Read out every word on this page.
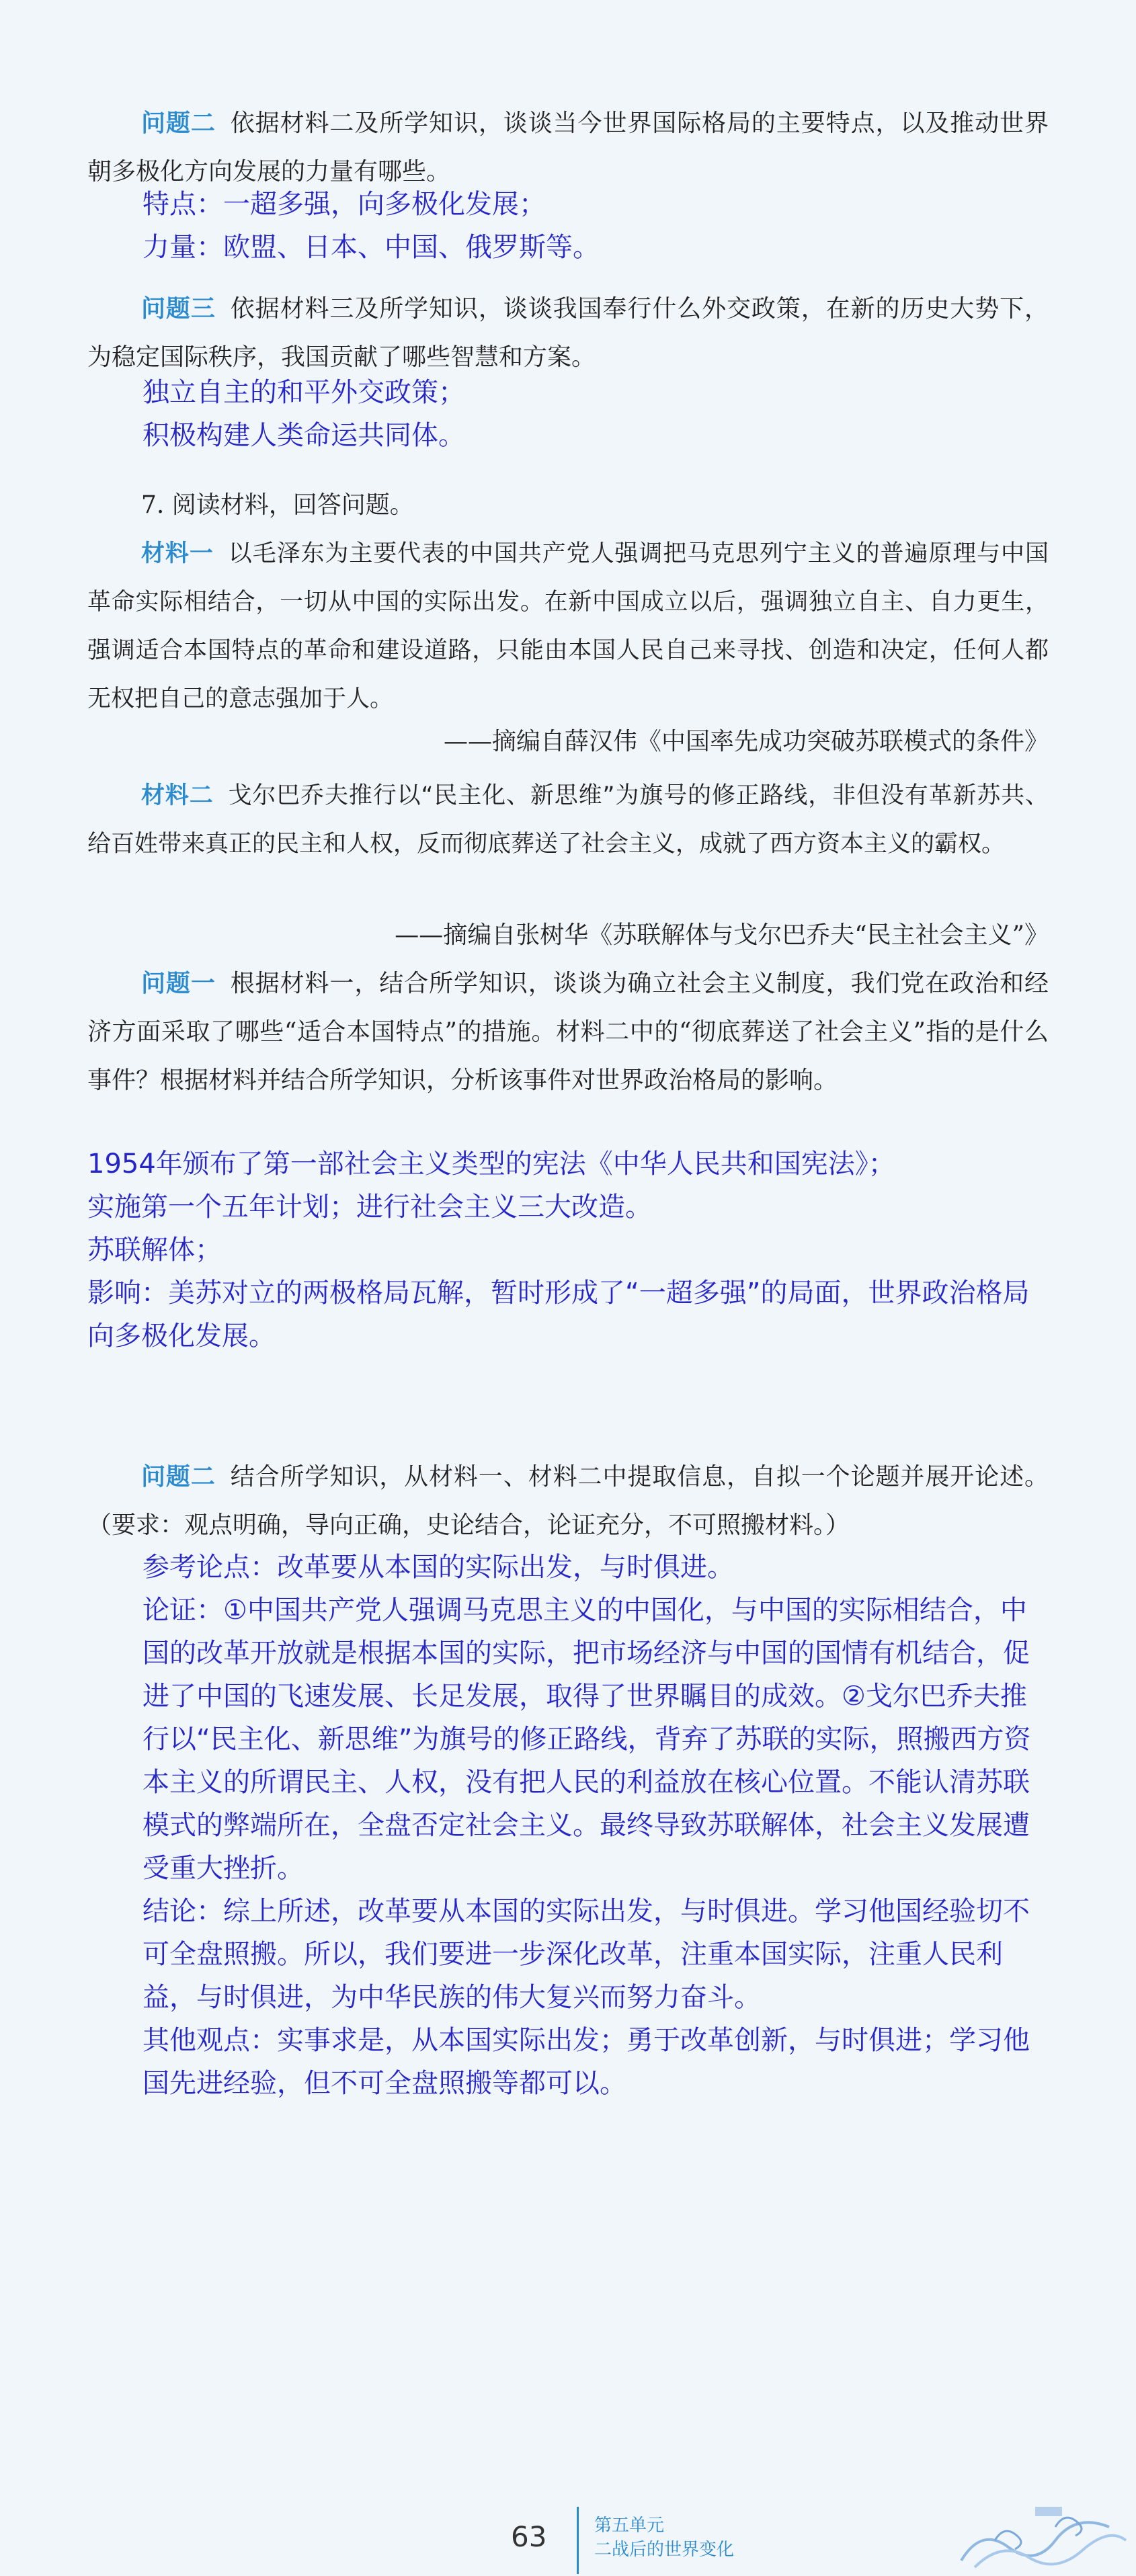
问题二 依据材料二及所学知识，谈谈当今世界国际格局的主要特点，以及推动世界朝多极化方向发展的力量有哪些。
特点：一超多强，向多极化发展；
力量：欧盟、日本、中国、俄罗斯等。
问题三 依据材料三及所学知识，谈谈我国奉行什么外交政策，在新的历史大势下，为稳定国际秩序，我国贡献了哪些智慧和方案。
独立自主的和平外交政策；
积极构建人类命运共同体。
7. 阅读材料，回答问题。
材料一 以毛泽东为主要代表的中国共产党人强调把马克思列宁主义的普遍原理与中国革命实际相结合，一切从中国的实际出发。在新中国成立以后，强调独立自主、自力更生，强调适合本国特点的革命和建设道路，只能由本国人民自己来寻找、创造和决定，任何人都无权把自己的意志强加于人。
——摘编自薛汉伟《中国率先成功突破苏联模式的条件》
材料二 戈尔巴乔夫推行以“民主化、新思维”为旗号的修正路线，非但没有革新苏共、给百姓带来真正的民主和人权，反而彻底葬送了社会主义，成就了西方资本主义的霸权。
——摘编自张树华《苏联解体与戈尔巴乔夫“民主社会主义”》
问题一 根据材料一，结合所学知识，谈谈为确立社会主义制度，我们党在政治和经济方面采取了哪些“适合本国特点”的措施。材料二中的“彻底葬送了社会主义”指的是什么事件？根据材料并结合所学知识，分析该事件对世界政治格局的影响。
1954年颁布了第一部社会主义类型的宪法《中华人民共和国宪法》；
实施第一个五年计划；进行社会主义三大改造。
苏联解体；
影响：美苏对立的两极格局瓦解，暂时形成了“一超多强”的局面，世界政治格局向多极化发展。
问题二 结合所学知识，从材料一、材料二中提取信息，自拟一个论题并展开论述。（要求：观点明确，导向正确，史论结合，论证充分，不可照搬材料。）
参考论点：改革要从本国的实际出发，与时俱进。
论证：①中国共产党人强调马克思主义的中国化，与中国的实际相结合，中国的改革开放就是根据本国的实际，把市场经济与中国的国情有机结合，促进了中国的飞速发展、长足发展，取得了世界瞩目的成效。②戈尔巴乔夫推行以“民主化、新思维”为旗号的修正路线，背弃了苏联的实际，照搬西方资本主义的所谓民主、人权，没有把人民的利益放在核心位置。不能认清苏联模式的弊端所在，全盘否定社会主义。最终导致苏联解体，社会主义发展遭受重大挫折。
结论：综上所述，改革要从本国的实际出发，与时俱进。学习他国经验切不可全盘照搬。所以，我们要进一步深化改革，注重本国实际，注重人民利益，与时俱进，为中华民族的伟大复兴而努力奋斗。
其他观点：实事求是，从本国实际出发；勇于改革创新，与时俱进；学习他国先进经验，但不可全盘照搬等都可以。
63	第五单元
二战后的世界变化
